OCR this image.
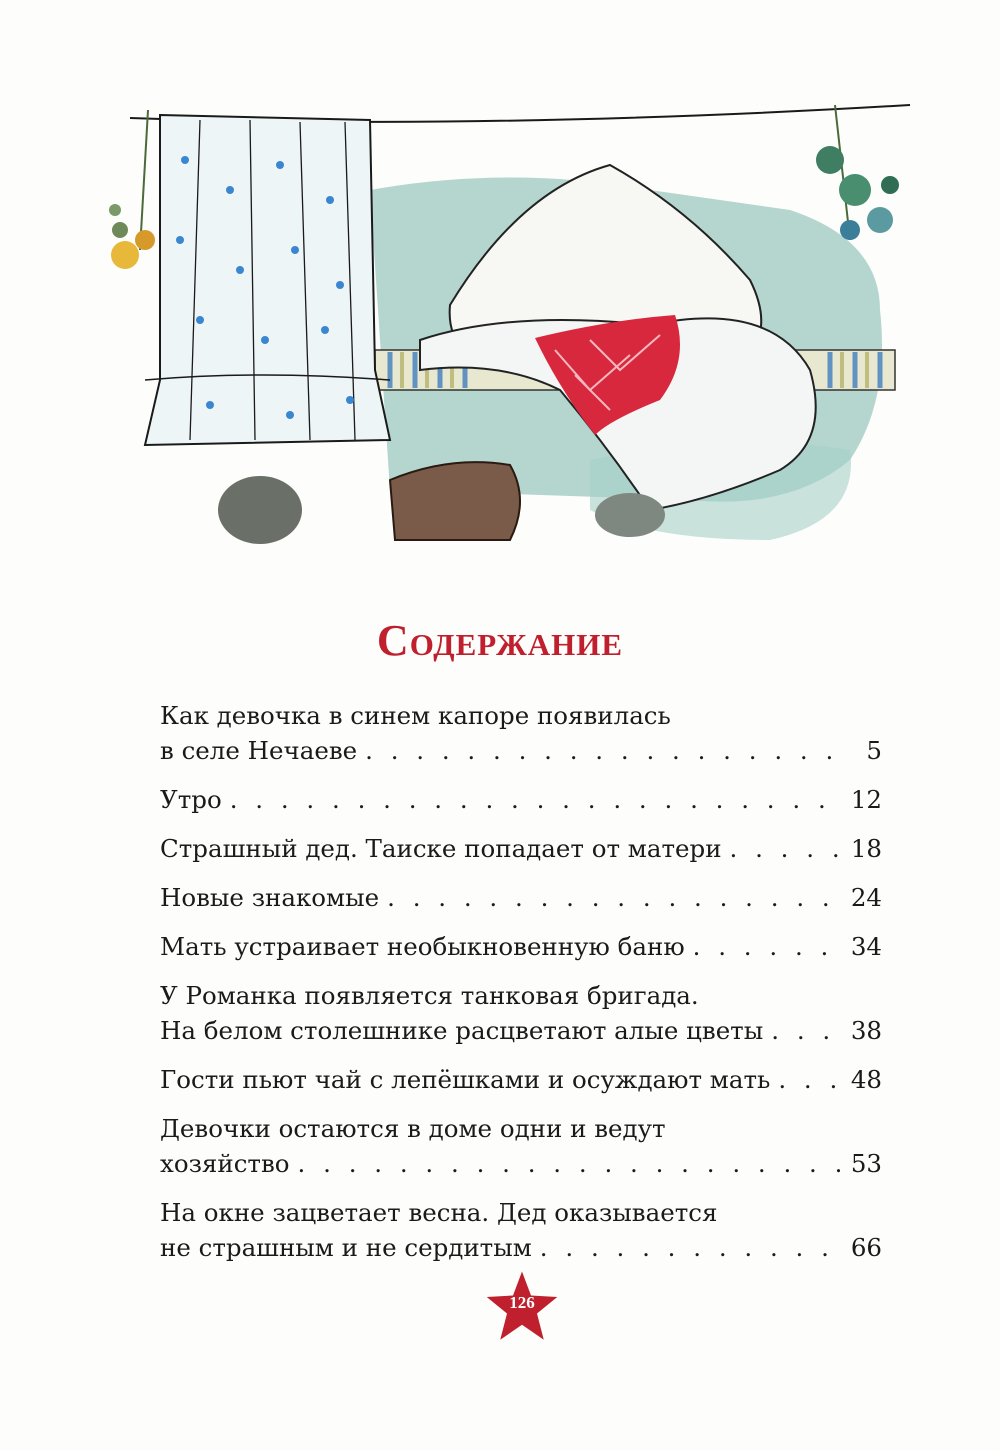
Содержание
Как девочка в синем капоре появилась
в селе Нечаеве . . .	5
Утро . . .	12
Страшный дед. Таиске попадает от матери . . .	18
Новые знакомые . . .	24
Мать устраивает необыкновенную баню . . .	34
У Романка появляется танковая бригада.
На белом столешнике расцветают алые цветы . . .	38
Гости пьют чай с лепёшками и осуждают мать . . .	48
Девочки остаются в доме одни и ведут
хозяйство . . .	53
На окне зацветает весна. Дед оказывается
не страшным и не сердитым . . .	66
126
